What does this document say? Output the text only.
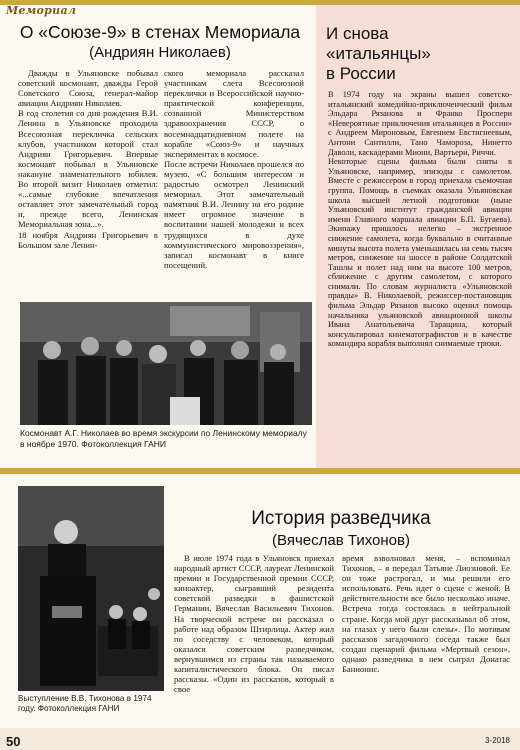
Мемориал
О «Союзе-9» в стенах Мемориала
(Андриян Николаев)
Дважды в Ульяновске побывал советский космонавт, дважды Герой Советского Союза, генерал-майор авиации Андриян Николаев.
В год столетия со дня рождения В.И. Ленина в Ульяновске проходила Всесоюзная перекличка сельских клубов, участником которой стал Андриян Григорьевич. Впервые космонавт побывал в Ульяновске накануне знаменательного юбилея. Во второй визит Николаев отметил: «...самые глубокие впечатления оставляет этот замечательный город и, прежде всего, Ленинская Мемориальная зона...».
18 ноября Андриян Григорьевич в Большом зале Ленин-
ского мемориала рассказал участникам слета Всесоюзной переклички и Всероссийской научно-практической конференции, созванной Министерством здравоохранения СССР, о восемнадцатидневном полете на корабле «Союз-9» и научных экспериментах в космосе.
После встречи Николаев прошелся по музею. «С большим интересом и радостью осмотрел Ленинский мемориал. Этот замечательный памятник В.И. Ленину на его родине имеет огромное значение в воспитании нашей молодежи и всех трудящихся в духе коммунистического мировоззрения», записал космонавт в книге посещений.
Космонавт А.Г. Николаев во время экскурсии по Ленинскому мемориалу в ноябре 1970. Фотоколлекция ГАНИ
И снова «итальянцы» в России
В 1974 году на экраны вышел советско-итальянский комедийно-приключенческий фильм Эльдара Рязанова и Франко Проспери «Невероятные приключения итальянцев в России» с Андреем Мироновым, Евгением Евстигнеевым, Антони Сантилли, Тано Чамороза, Нинетто Даволи, каскадерами Миони, Вартьери, Риччи.
Некоторые сцены фильма были сняты в Ульяновске, например, эпизоды с самолетом. Вместе с режиссером в город приехала съемочная группа. Помощь в съемках оказала Ульяновская школа высшей летной подготовки (ныне Ульяновский институт гражданской авиации имени Главного маршала авиации Б.П. Бугаева). Экипажу пришлось нелегко – экстренное снижение самолета, когда буквально в считанные минуты высота полета уменьшилась на семь тысяч метров, снижение на шоссе в районе Солдатской Ташлы и полет над ним на высоте 100 метров, сближение с другим самолетом, с которого снимали. По словам журналиста «Ульяновской правды» В. Николаевой, режиссер-постановщик фильма Эльдар Рязанов высоко оценил помощь начальника ульяновской авиационной школы Ивана Анатольевича Таращина, который консультировал кинематографистов и в качестве командира корабля выполнял снимаемые трюки.
Выступление В.В. Тихонова в 1974 году. Фотоколлекция ГАНИ
История разведчика
(Вячеслав Тихонов)
В июле 1974 года в Ульяновск приехал народный артист СССР, лауреат Ленинской премии и Государственной премии СССР, кинoактер, сыгравший резидента советской разведки в фашистской Германии, Вячеслав Васильевич Тихонов. На творческой встрече он рассказал о работе над образом Штирлица. Актер жил по соседству с человеком, который оказался советским разведчиком, вернувшимся из страны так называемого капиталистического блока. Он писал рассказы. «Один из рассказов, который в свое
время взволновал меня, – вспоминал Тихонов, – я передал Татьяне Лиозновой. Ее он тоже растрогал, и мы решили его использовать. Речь идет о сцене с женой. В действительности все было несколько иначе. Встреча тогда состоялась в нейтральной стране. Когда мой друг рассказывал об этом, на глазах у него были слезы». По мотивам рассказов загадочного соседа также был создан сценарий фильма «Мертвый сезон», однако разведчика в нем сыграл Донатас Банионис.
50	3-2018
